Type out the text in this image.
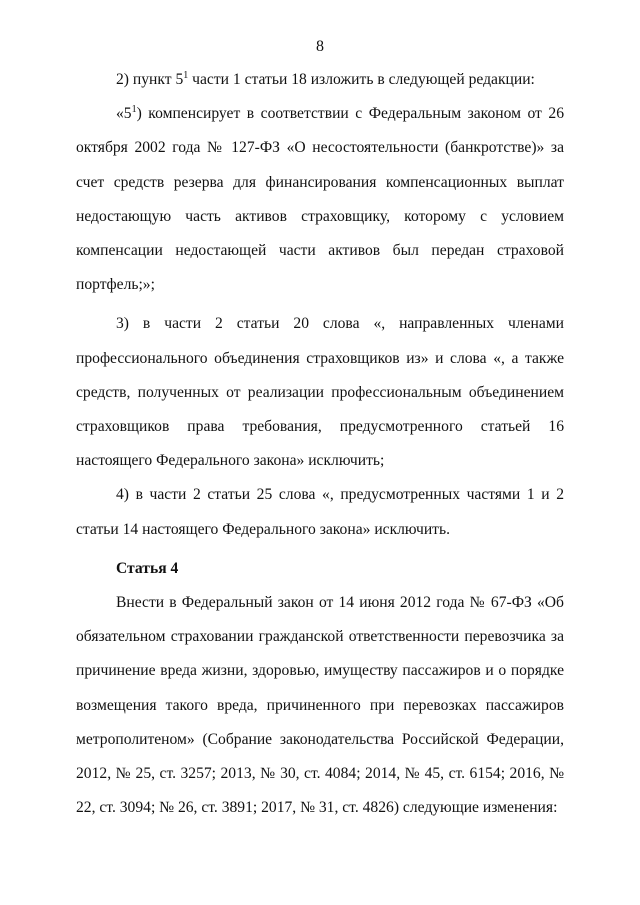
8

2) пункт $5^1$ части 1 статьи 18 изложить в следующей редакции:

«$5^1$) компенсирует в соответствии с Федеральным законом от 26 октября 2002 года № 127-ФЗ «О несостоятельности (банкротстве)» за счет средств резерва для финансирования компенсационных выплат недостающую часть активов страховщику, которому с условием компенсации недостающей части активов был передан страховой портфель;»;

3) в части 2 статьи 20 слова «, направленных членами профессионального объединения страховщиков из» и слова «, а также средств, полученных от реализации профессиональным объединением страховщиков права требования, предусмотренного статьей 16 настоящего Федерального закона» исключить;

4) в части 2 статьи 25 слова «, предусмотренных частями 1 и 2 статьи 14 настоящего Федерального закона» исключить.

Статья 4

Внести в Федеральный закон от 14 июня 2012 года № 67-ФЗ «Об обязательном страховании гражданской ответственности перевозчика за причинение вреда жизни, здоровью, имуществу пассажиров и о порядке возмещения такого вреда, причиненного при перевозках пассажиров метрополитеном» (Собрание законодательства Российской Федерации, 2012, № 25, ст. 3257; 2013, № 30, ст. 4084; 2014, № 45, ст. 6154; 2016, № 22, ст. 3094; № 26, ст. 3891; 2017, № 31, ст. 4826) следующие изменения:
